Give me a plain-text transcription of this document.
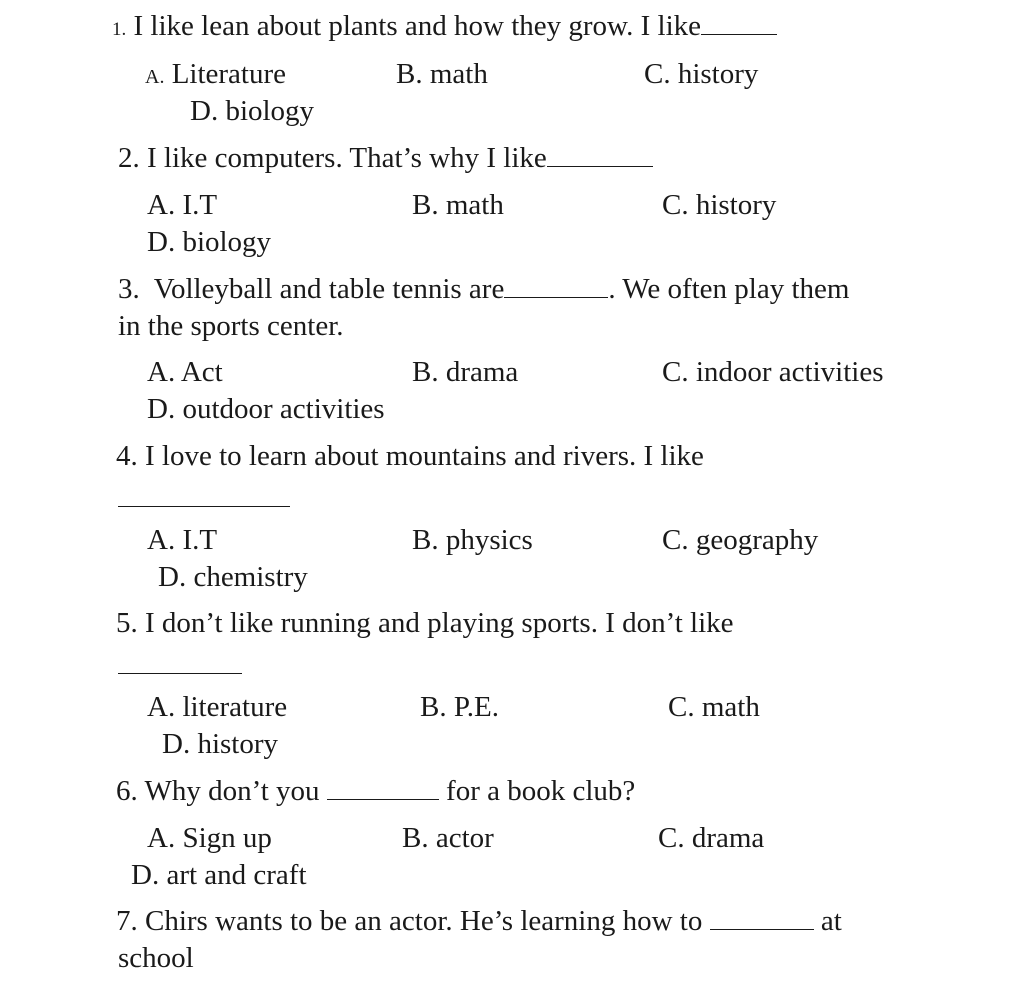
1. I like lean about plants and how they grow. I like
A. Literature	B. math	C. history
D. biology
2. I like computers. That’s why I like
A. I.T	B. math	C. history
D. biology
3. Volleyball and table tennis are	. We often play them
in the sports center.
A. Act	B. drama	C. indoor activities
D. outdoor activities
4. I love to learn about mountains and rivers. I like
A. I.T	B. physics	C. geography
D. chemistry
5. I don’t like running and playing sports. I don’t like
A. literature	B. P.E.	C. math
D. history
6. Why don’t you	for a book club?
A. Sign up	B. actor	C. drama
D. art and craft
7. Chirs wants to be an actor. He’s learning how to	at
school
